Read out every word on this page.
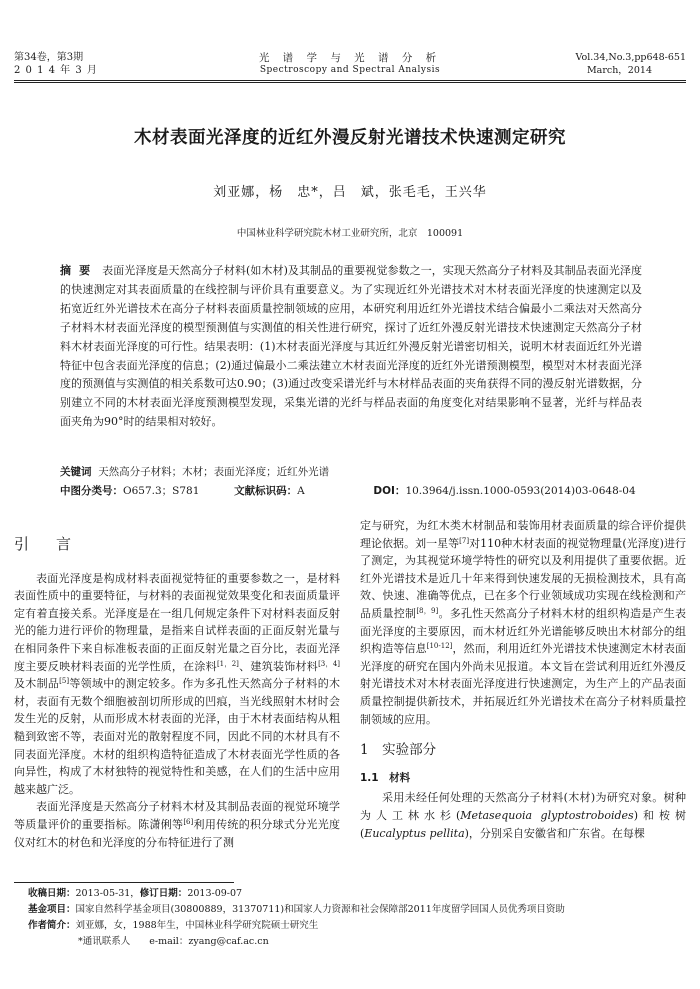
第34卷，第3期
2 0 1 4 年 3 月
光 谱 学 与 光 谱 分 析
Spectroscopy and Spectral Analysis
Vol.34,No.3,pp648-651
March，2014
木材表面光泽度的近红外漫反射光谱技术快速测定研究
刘亚娜，杨　忠*，吕　斌，张毛毛，王兴华
中国林业科学研究院木材工业研究所，北京　100091
摘要 表面光泽度是天然高分子材料(如木材)及其制品的重要视觉参数之一，实现天然高分子材料及其制品表面光泽度的快速测定对其表面质量的在线控制与评价具有重要意义。为了实现近红外光谱技术对木材表面光泽度的快速测定以及拓宽近红外光谱技术在高分子材料表面质量控制领域的应用，本研究利用近红外光谱技术结合偏最小二乘法对天然高分子材料木材表面光泽度的模型预测值与实测值的相关性进行研究，探讨了近红外漫反射光谱技术快速测定天然高分子材料木材表面光泽度的可行性。结果表明：(1)木材表面光泽度与其近红外漫反射光谱密切相关，说明木材表面近红外光谱特征中包含表面光泽度的信息；(2)通过偏最小二乘法建立木材表面光泽度的近红外光谱预测模型，模型对木材表面光泽度的预测值与实测值的相关系数可达0.90；(3)通过改变采谱光纤与木材样品表面的夹角获得不同的漫反射光谱数据，分别建立不同的木材表面光泽度预测模型发现，采集光谱的光纤与样品表面的角度变化对结果影响不显著，光纤与样品表面夹角为90°时的结果相对较好。
关键词 天然高分子材料；木材；表面光泽度；近红外光谱
中图分类号：O657.3；S781	文献标识码：A	DOI：10.3964/j.issn.1000-0593(2014)03-0648-04
引　言

表面光泽度是构成材料表面视觉特征的重要参数之一，是材料表面性质中的重要特征，与材料的表面视觉效果变化和表面质量评定有着直接关系。光泽度是在一组几何规定条件下对材料表面反射光的能力进行评价的物理量，是指来自试样表面的正面反射光量与在相同条件下来自标准板表面的正面反射光量之百分比，表面光泽度主要反映材料表面的光学性质，在涂料[1，2]、建筑装饰材料[3，4]及木制品[5]等领域中的测定较多。作为多孔性天然高分子材料的木材，表面有无数个细胞被剖切所形成的凹痕，当光线照射木材时会发生光的反射，从而形成木材表面的光泽，由于木材表面结构从粗糙到致密不等，表面对光的散射程度不同，因此不同的木材具有不同表面光泽度。木材的组织构造特征造成了木材表面光学性质的各向异性，构成了木材独特的视觉特性和美感，在人们的生活中应用越来越广泛。

表面光泽度是天然高分子材料木材及其制品表面的视觉环境学等质量评价的重要指标。陈潇俐等[6]利用传统的积分球式分光光度仪对红木的材色和光泽度的分布特征进行了测

定与研究，为红木类木材制品和装饰用材表面质量的综合评价提供理论依据。刘一星等[7]对110种木材表面的视觉物理量(光泽度)进行了测定，为其视觉环境学特性的研究以及利用提供了重要依据。近红外光谱技术是近几十年来得到快速发展的无损检测技术，具有高效、快速、准确等优点，已在多个行业领域成功实现在线检测和产品质量控制[8，9]。多孔性天然高分子材料木材的组织构造是产生表面光泽度的主要原因，而木材近红外光谱能够反映出木材部分的组织构造等信息[10-12]，然而，利用近红外光谱技术快速测定木材表面光泽度的研究在国内外尚未见报道。本文旨在尝试利用近红外漫反射光谱技术对木材表面光泽度进行快速测定，为生产上的产品表面质量控制提供新技术，并拓展近红外光谱技术在高分子材料质量控制领域的应用。

1　实验部分
1.1　材料

采用未经任何处理的天然高分子材料(木材)为研究对象。树种为人工林水杉(Metasequoia glyptostroboides)和桉树(Eucalyptus pellita)，分别采自安徽省和广东省。在每棵

收稿日期：2013-05-31，修订日期：2013-09-07
基金项目：国家自然科学基金项目(30800889，31370711)和国家人力资源和社会保障部2011年度留学回国人员优秀项目资助
作者简介：刘亚娜，女，1988年生，中国林业科学研究院硕士研究生
*通讯联系人　　e-mail：zyang@caf.ac.cn
